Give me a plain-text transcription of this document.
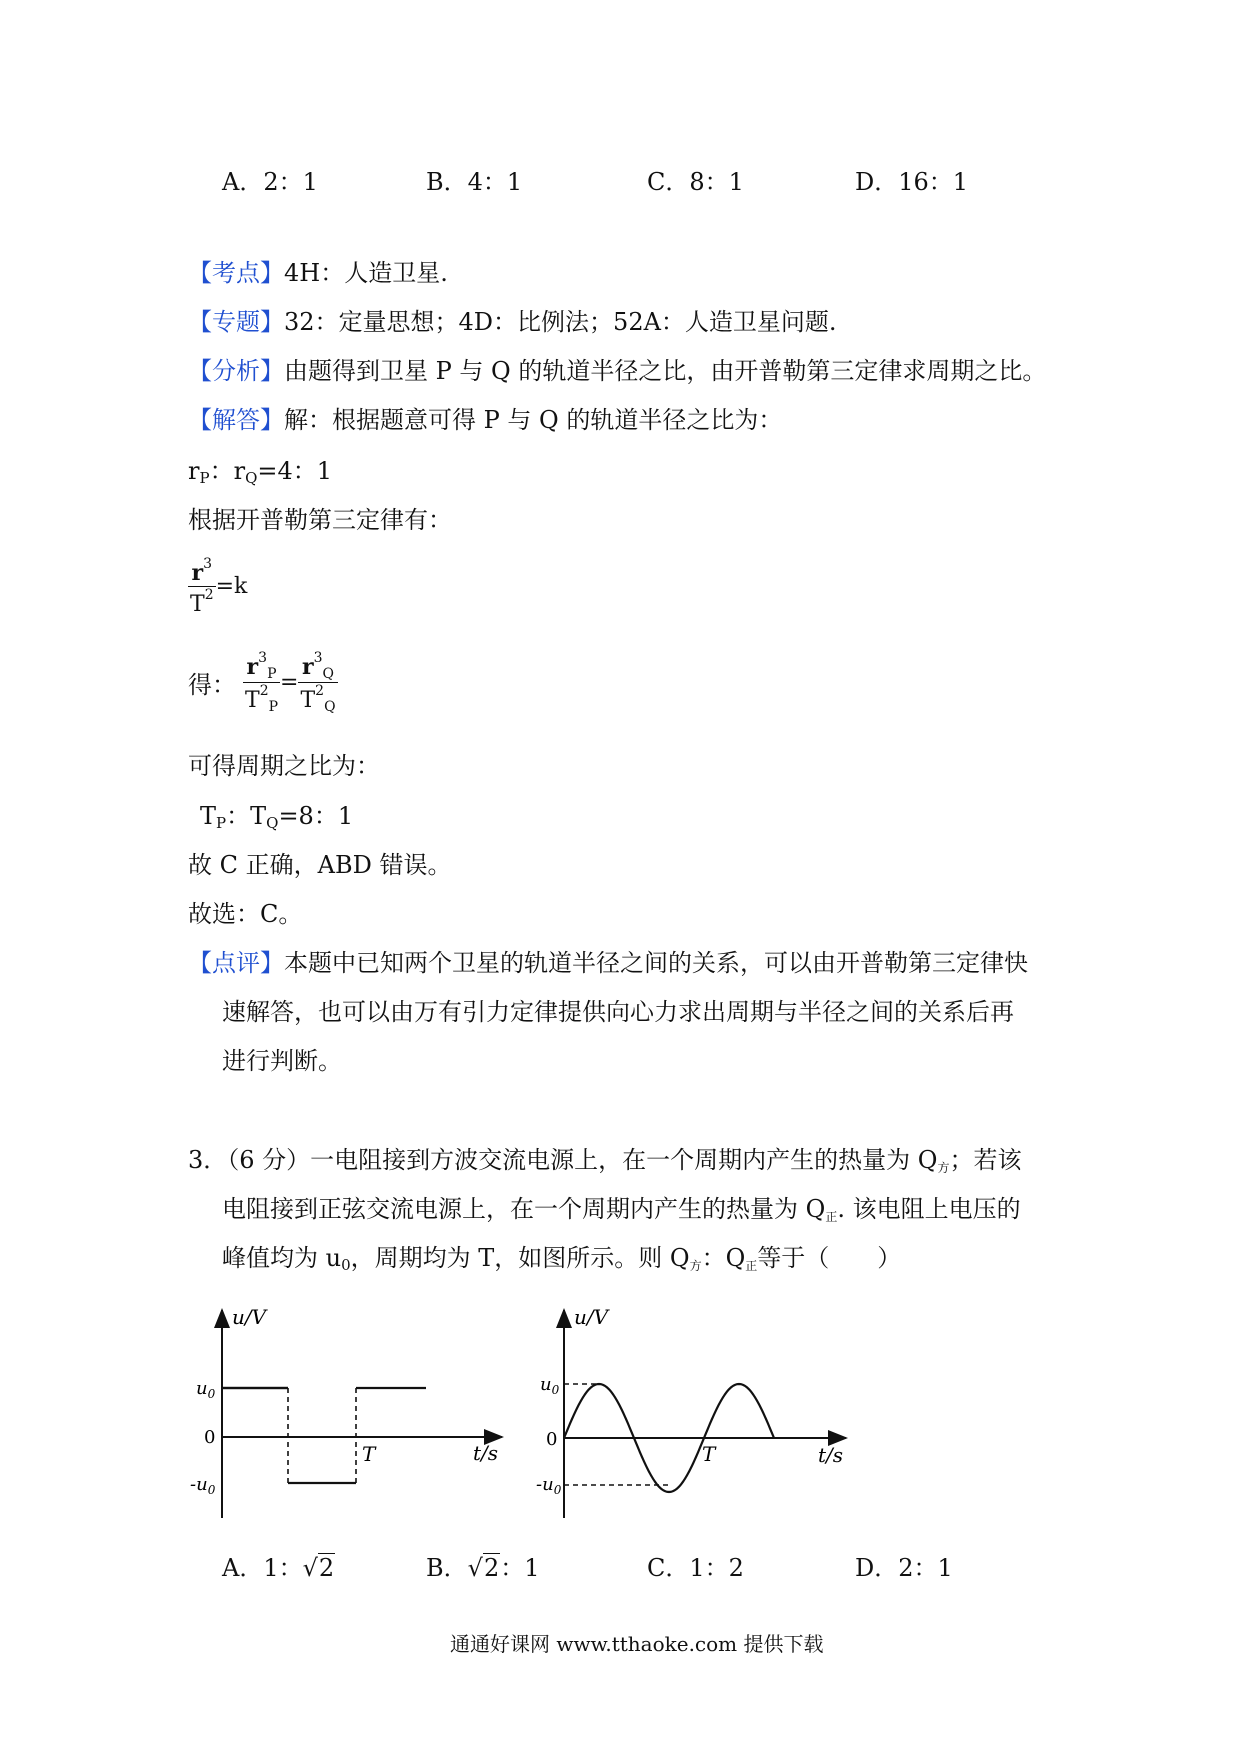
A．2：1	B．4：1	C．8：1	D．16：1
【考点】4H：人造卫星.
【专题】32：定量思想；4D：比例法；52A：人造卫星问题.
【分析】由题得到卫星 P 与 Q 的轨道半径之比，由开普勒第三定律求周期之比。
【解答】解：根据题意可得 P 与 Q 的轨道半径之比为：
$r_P$：$r_Q=4$：1
根据开普勒第三定律有：
$\frac{r^3}{T^2} =k$
得： $\frac{r^3_P}{T^2_P} = \frac{r^3_Q}{T^2_Q}$
可得周期之比为：
$T_P$：$T_Q=8$：1
故 C 正确，ABD 错误。
故选：C。
【点评】本题中已知两个卫星的轨道半径之间的关系，可以由开普勒第三定律快
速解答，也可以由万有引力定律提供向心力求出周期与半径之间的关系后再
进行判断。
3．（6 分）一电阻接到方波交流电源上，在一个周期内产生的热量为 $Q_方$；若该
电阻接到正弦交流电源上，在一个周期内产生的热量为 $Q_正$. 该电阻上电压的
峰值均为 $u_0$，周期均为 T，如图所示。则 $Q_方$：$Q_正$等于（　　）
u/V
t/s
$u_0$
0
$-u_0$
T
u/V
t/s
$u_0$
0
$-u_0$
T
A．1：√2	B．√2：1	C．1：2	D．2：1
通通好课网 www.tthaoke.com 提供下载
